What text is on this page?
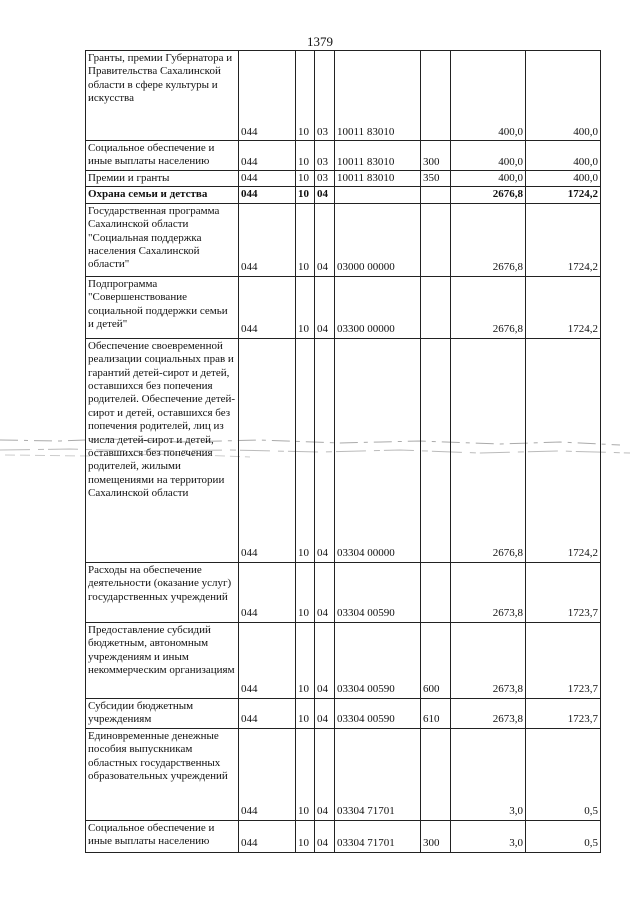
1379
Гранты, премии Губернатора и Правительства Сахалинской области в сфере культуры и искусства	044	10	03	10011 83010		400,0	400,0

Социальное обеспечение и иные выплаты населению	044	10	03	10011 83010	300	400,0	400,0

Премии и гранты	044	10	03	10011 83010	350	400,0	400,0

Охрана семьи и детства	044	10	04			2676,8	1724,2

Государственная программа Сахалинской области "Социальная поддержка населения Сахалинской области"	044	10	04	03000 00000		2676,8	1724,2

Подпрограмма "Совершенствование социальной поддержки семьи и детей"	044	10	04	03300 00000		2676,8	1724,2

Обеспечение своевременной реализации социальных прав и гарантий детей-сирот и детей, оставшихся без попечения родителей. Обеспечение детей-сирот и детей, оставшихся без попечения родителей, лиц из числа детей-сирот и детей, оставшихся без попечения родителей, жилыми помещениями на территории Сахалинской области	044	10	04	03304 00000		2676,8	1724,2

Расходы на обеспечение деятельности (оказание услуг) государственных учреждений	044	10	04	03304 00590		2673,8	1723,7

Предоставление субсидий бюджетным, автономным учреждениям и иным некоммерческим организациям	044	10	04	03304 00590	600	2673,8	1723,7

Субсидии бюджетным учреждениям	044	10	04	03304 00590	610	2673,8	1723,7

Единовременные денежные пособия выпускникам областных государственных образовательных учреждений	044	10	04	03304 71701		3,0	0,5

Социальное обеспечение и иные выплаты населению	044	10	04	03304 71701	300	3,0	0,5
